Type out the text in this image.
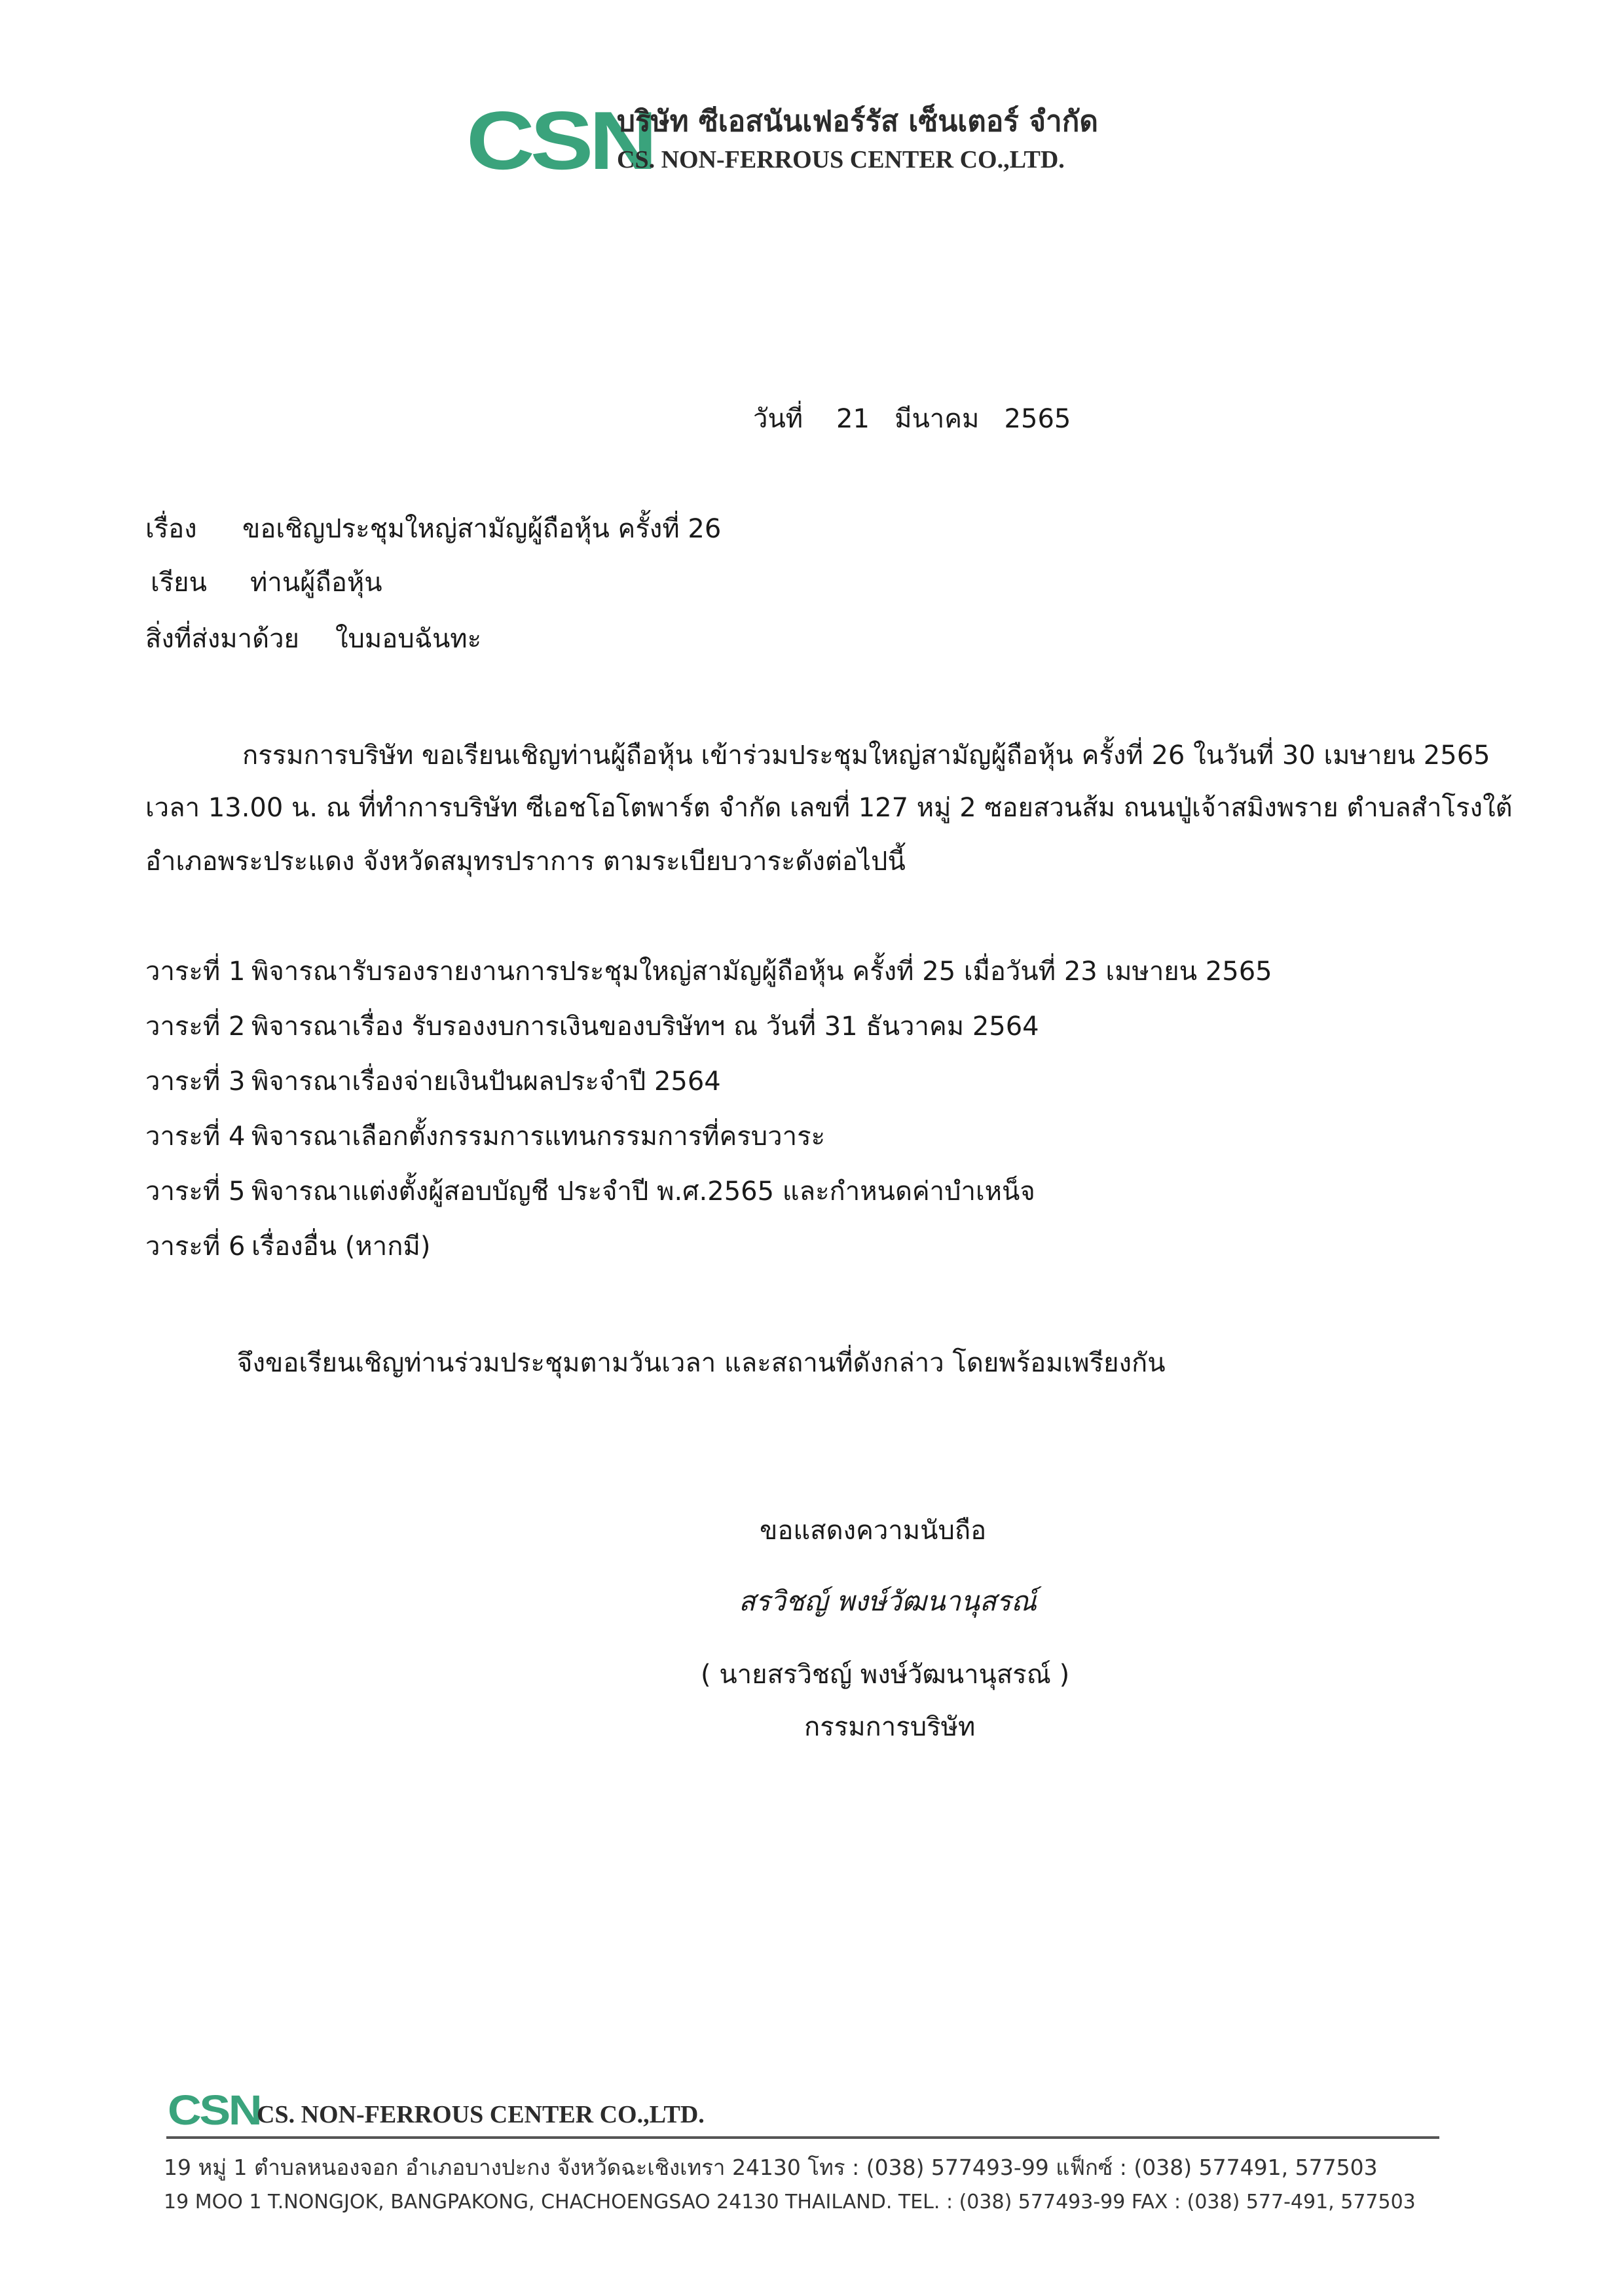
CSN
บริษัท ซีเอสนันเฟอร์รัส เซ็นเตอร์ จำกัด
CS. NON-FERROUS CENTER CO.,LTD.
วันที่ 21 มีนาคม 2565
เรื่อง ขอเชิญประชุมใหญ่สามัญผู้ถือหุ้น ครั้งที่ 26
เรียน ท่านผู้ถือหุ้น
สิ่งที่ส่งมาด้วย ใบมอบฉันทะ
กรรมการบริษัท ขอเรียนเชิญท่านผู้ถือหุ้น เข้าร่วมประชุมใหญ่สามัญผู้ถือหุ้น ครั้งที่ 26 ในวันที่ 30 เมษายน 2565
เวลา 13.00 น. ณ ที่ทำการบริษัท ซีเอชโอโตพาร์ต จำกัด เลขที่ 127 หมู่ 2 ซอยสวนส้ม ถนนปู่เจ้าสมิงพราย ตำบลสำโรงใต้
อำเภอพระประแดง จังหวัดสมุทรปราการ ตามระเบียบวาระดังต่อไปนี้
วาระที่ 1 พิจารณารับรองรายงานการประชุมใหญ่สามัญผู้ถือหุ้น ครั้งที่ 25 เมื่อวันที่ 23 เมษายน 2565
วาระที่ 2 พิจารณาเรื่อง รับรองงบการเงินของบริษัทฯ ณ วันที่ 31 ธันวาคม 2564
วาระที่ 3 พิจารณาเรื่องจ่ายเงินปันผลประจำปี 2564
วาระที่ 4 พิจารณาเลือกตั้งกรรมการแทนกรรมการที่ครบวาระ
วาระที่ 5 พิจารณาแต่งตั้งผู้สอบบัญชี ประจำปี พ.ศ.2565 และกำหนดค่าบำเหน็จ
วาระที่ 6 เรื่องอื่น (หากมี)
จึงขอเรียนเชิญท่านร่วมประชุมตามวันเวลา และสถานที่ดังกล่าว โดยพร้อมเพรียงกัน
ขอแสดงความนับถือ
สรวิชญ์ พงษ์วัฒนานุสรณ์
( นายสรวิชญ์ พงษ์วัฒนานุสรณ์ )
กรรมการบริษัท
CSN
CS. NON-FERROUS CENTER CO.,LTD.
19 หมู่ 1 ตำบลหนองจอก อำเภอบางปะกง จังหวัดฉะเชิงเทรา 24130 โทร : (038) 577493-99 แฟ็กซ์ : (038) 577491, 577503
19 MOO 1 T.NONGJOK, BANGPAKONG, CHACHOENGSAO 24130 THAILAND. TEL. : (038) 577493-99 FAX : (038) 577-491, 577503
